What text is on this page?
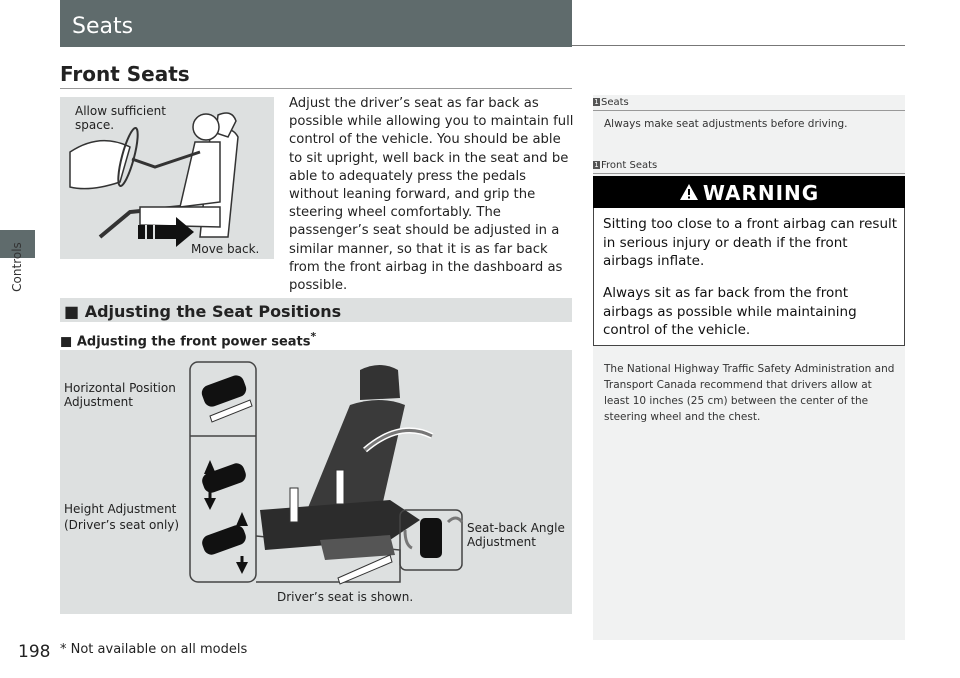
Controls
198 * Not available on all models
Seats
Front Seats
Allow sufficient space.
Move back.
Adjust the driver’s seat as far back as possible while allowing you to maintain full control of the vehicle. You should be able to sit upright, well back in the seat and be able to adequately press the pedals without leaning forward, and grip the steering wheel comfortably. The passenger’s seat should be adjusted in a similar manner, so that it is as far back from the front airbag in the dashboard as possible.
■ Adjusting the Seat Positions
■ Adjusting the front power seats*
Horizontal Position Adjustment
Height Adjustment (Driver’s seat only)	Seat-back Angle Adjustment
Driver’s seat is shown.
1 Seats
Always make seat adjustments before driving.
1 Front Seats
WARNING
Sitting too close to a front airbag can result in serious injury or death if the front airbags inflate.
Always sit as far back from the front airbags as possible while maintaining control of the vehicle.
The National Highway Traffic Safety Administration and Transport Canada recommend that drivers allow at least 10 inches (25 cm) between the center of the steering wheel and the chest.
